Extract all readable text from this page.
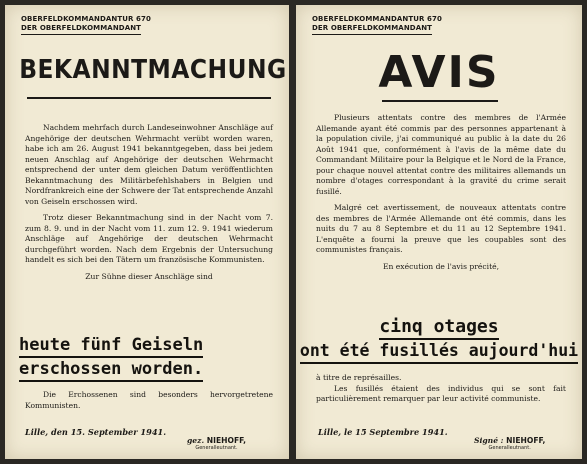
OBERFELDKOMMANDANTUR 670
DER OBERFELDKOMMANDANT
BEKANNTMACHUNG

Nachdem mehrfach durch Landeseinwohner Anschläge auf Angehörige der deutschen Wehrmacht verübt worden waren, habe ich am 26. August 1941 bekanntgegeben, dass bei jedem neuen Anschlag auf Angehörige der deutschen Wehrmacht entsprechend der unter dem gleichen Datum veröffentlichten Bekanntmachung des Militärbefehlshabers in Belgien und Nordfrankreich eine der Schwere der Tat entsprechende Anzahl von Geiseln erschossen wird.

Trotz dieser Bekanntmachung sind in der Nacht vom 7. zum 8. 9. und in der Nacht vom 11. zum 12. 9. 1941 wiederum Anschläge auf Angehörige der deutschen Wehrmacht durchgeführt worden. Nach dem Ergebnis der Untersuchung handelt es sich bei den Tätern um französische Kommunisten.

Zur Sühne dieser Anschläge sind

heute fünf Geiseln
erschossen worden.

Die Erchossenen sind besonders hervorgetretene Kommunisten.

Lille, den 15. September 1941.
gez. NIEHOFF,
Generalleutnant.
OBERFELDKOMMANDANTUR 670
DER OBERFELDKOMMANDANT
AVIS

Plusieurs attentats contre des membres de l'Armée Allemande ayant été commis par des personnes appartenant à la population civile, j'ai communiqué au public à la date du 26 Août 1941 que, conformément à l'avis de la même date du Commandant Militaire pour la Belgique et le Nord de la France, pour chaque nouvel attentat contre des militaires allemands un nombre d'otages correspondant à la gravité du crime serait fusillé.

Malgré cet avertissement, de nouveaux attentats contre des membres de l'Armée Allemande ont été commis, dans les nuits du 7 au 8 Septembre et du 11 au 12 Septembre 1941. L'enquête a fourni la preuve que les coupables sont des communistes français.

En exécution de l'avis précité,

cinq otages
ont été fusillés aujourd'hui

à titre de représailles.

Les fusillés étaient des individus qui se sont fait particulièrement remarquer par leur activité communiste.

Lille, le 15 Septembre 1941.
Signé : NIEHOFF,
Generalleutnant.
